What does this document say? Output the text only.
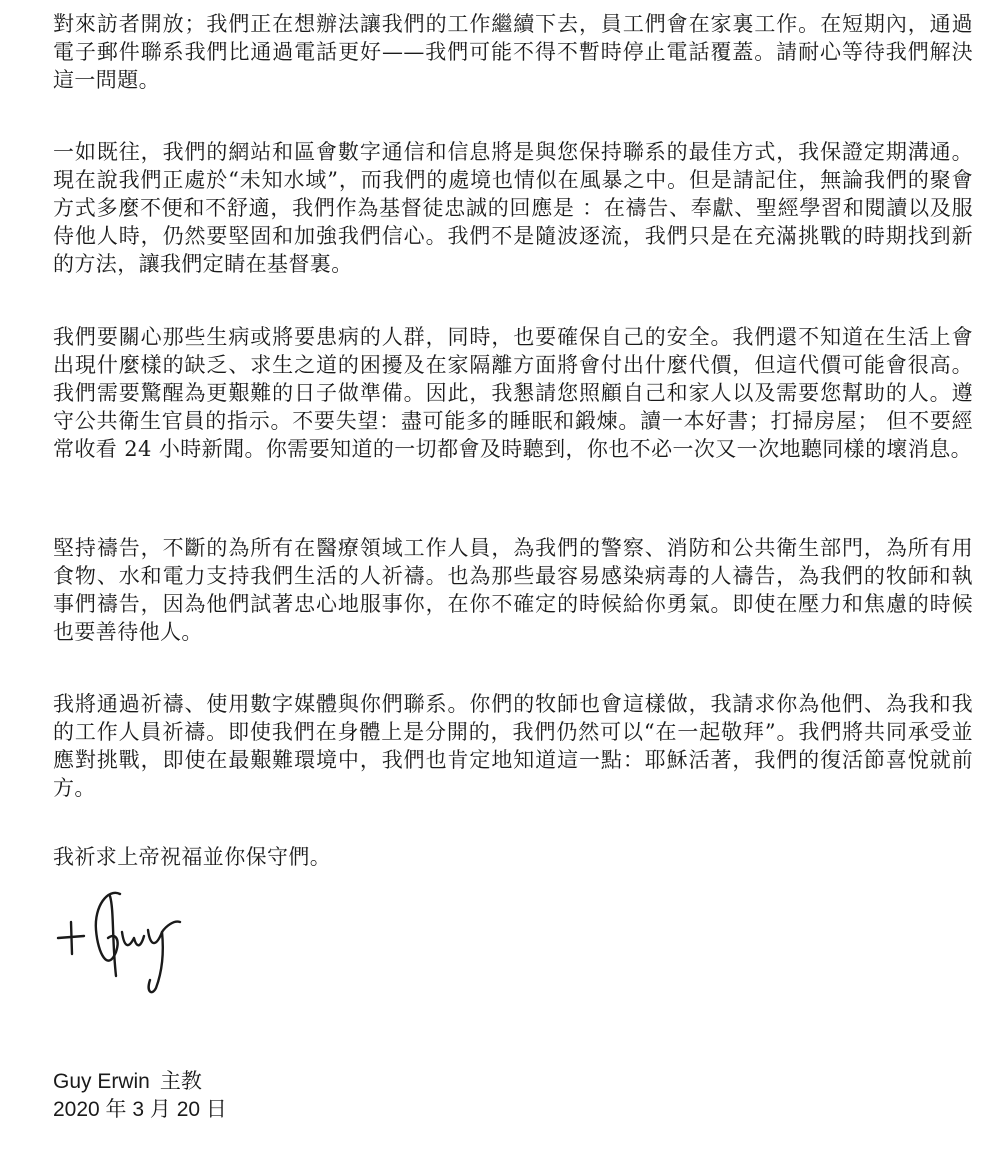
對來訪者開放；我們正在想辦法讓我們的工作繼續下去，員工們會在家裏工作。在短期內，通過電子郵件聯系我們比通過電話更好——我們可能不得不暫時停止電話覆蓋。請耐心等待我們解決這一問題。

一如既往，我們的網站和區會數字通信和信息將是與您保持聯系的最佳方式，我保證定期溝通。現在說我們正處於“未知水域”，而我們的處境也情似在風暴之中。但是請記住，無論我們的聚會方式多麼不便和不舒適，我們作為基督徒忠誠的回應是 ：在禱告、奉獻、聖經學習和閱讀以及服侍他人時，仍然要堅固和加強我們信心。我們不是隨波逐流，我們只是在充滿挑戰的時期找到新的方法，讓我們定睛在基督裏。

我們要關心那些生病或將要患病的人群，同時，也要確保自己的安全。我們還不知道在生活上會出現什麼樣的缺乏、求生之道的困擾及在家隔離方面將會付出什麼代價，但這代價可能會很高。我們需要驚醒為更艱難的日子做準備。因此，我懇請您照顧自己和家人以及需要您幫助的人。遵守公共衛生官員的指示。不要失望：盡可能多的睡眠和鍛煉。讀一本好書；打掃房屋； 但不要經常收看 24 小時新聞。你需要知道的一切都會及時聽到，你也不必一次又一次地聽同樣的壞消息。

堅持禱告，不斷的為所有在醫療領域工作人員，為我們的警察、消防和公共衛生部門，為所有用食物、水和電力支持我們生活的人祈禱。也為那些最容易感染病毒的人禱告，為我們的牧師和執事們禱告，因為他們試著忠心地服事你，在你不確定的時候給你勇氣。即使在壓力和焦慮的時候也要善待他人。

我將通過祈禱、使用數字媒體與你們聯系。你們的牧師也會這樣做，我請求你為他們、為我和我的工作人員祈禱。即使我們在身體上是分開的，我們仍然可以“在一起敬拜”。我們將共同承受並應對挑戰，即使在最艱難環境中，我們也肯定地知道這一點：耶穌活著，我們的復活節喜悅就前方。

我祈求上帝祝福並你保守們。

Guy Erwin 主教
2020 年 3 月 20 日
